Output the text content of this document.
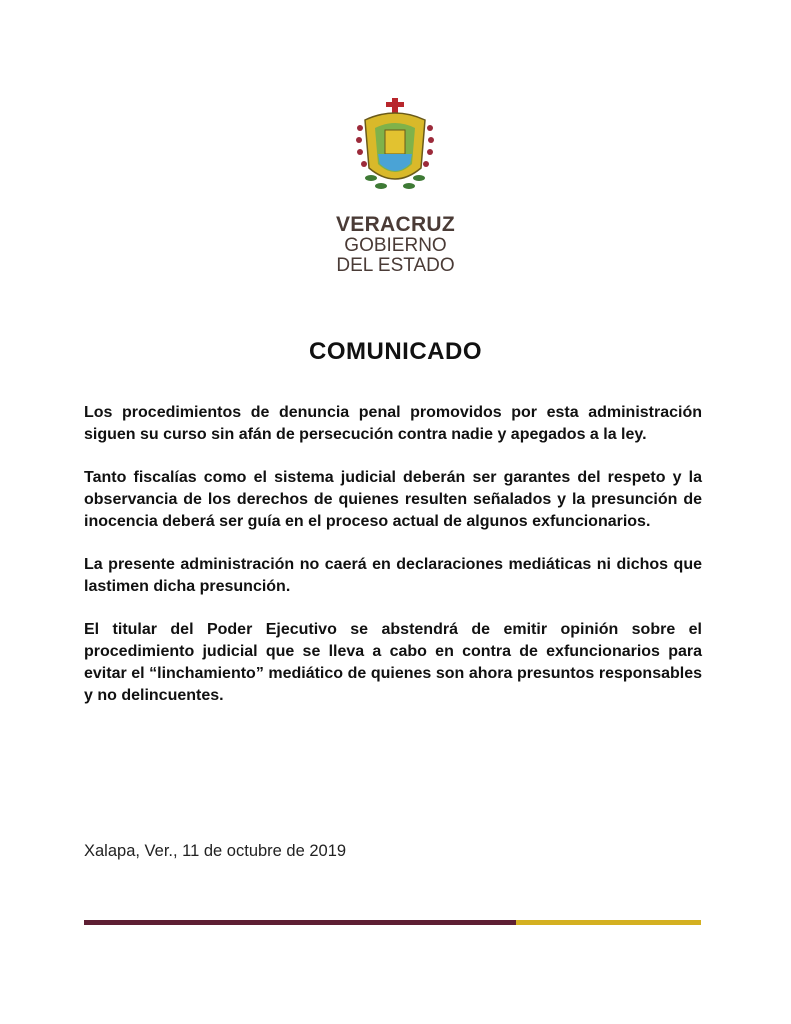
VERACRUZ
GOBIERNO
DEL ESTADO
COMUNICADO

Los procedimientos de denuncia penal promovidos por esta administración siguen su curso sin afán de persecución contra nadie y apegados a la ley.

Tanto fiscalías como el sistema judicial deberán ser garantes del respeto y la observancia de los derechos de quienes resulten señalados y la presunción de inocencia deberá ser guía en el proceso actual de algunos exfuncionarios.

La presente administración no caerá en declaraciones mediáticas ni dichos que lastimen dicha presunción.

El titular del Poder Ejecutivo se abstendrá de emitir opinión sobre el procedimiento judicial que se lleva a cabo en contra de exfuncionarios para evitar el “linchamiento” mediático de quienes son ahora presuntos responsables y no delincuentes.

Xalapa, Ver., 11 de octubre de 2019
